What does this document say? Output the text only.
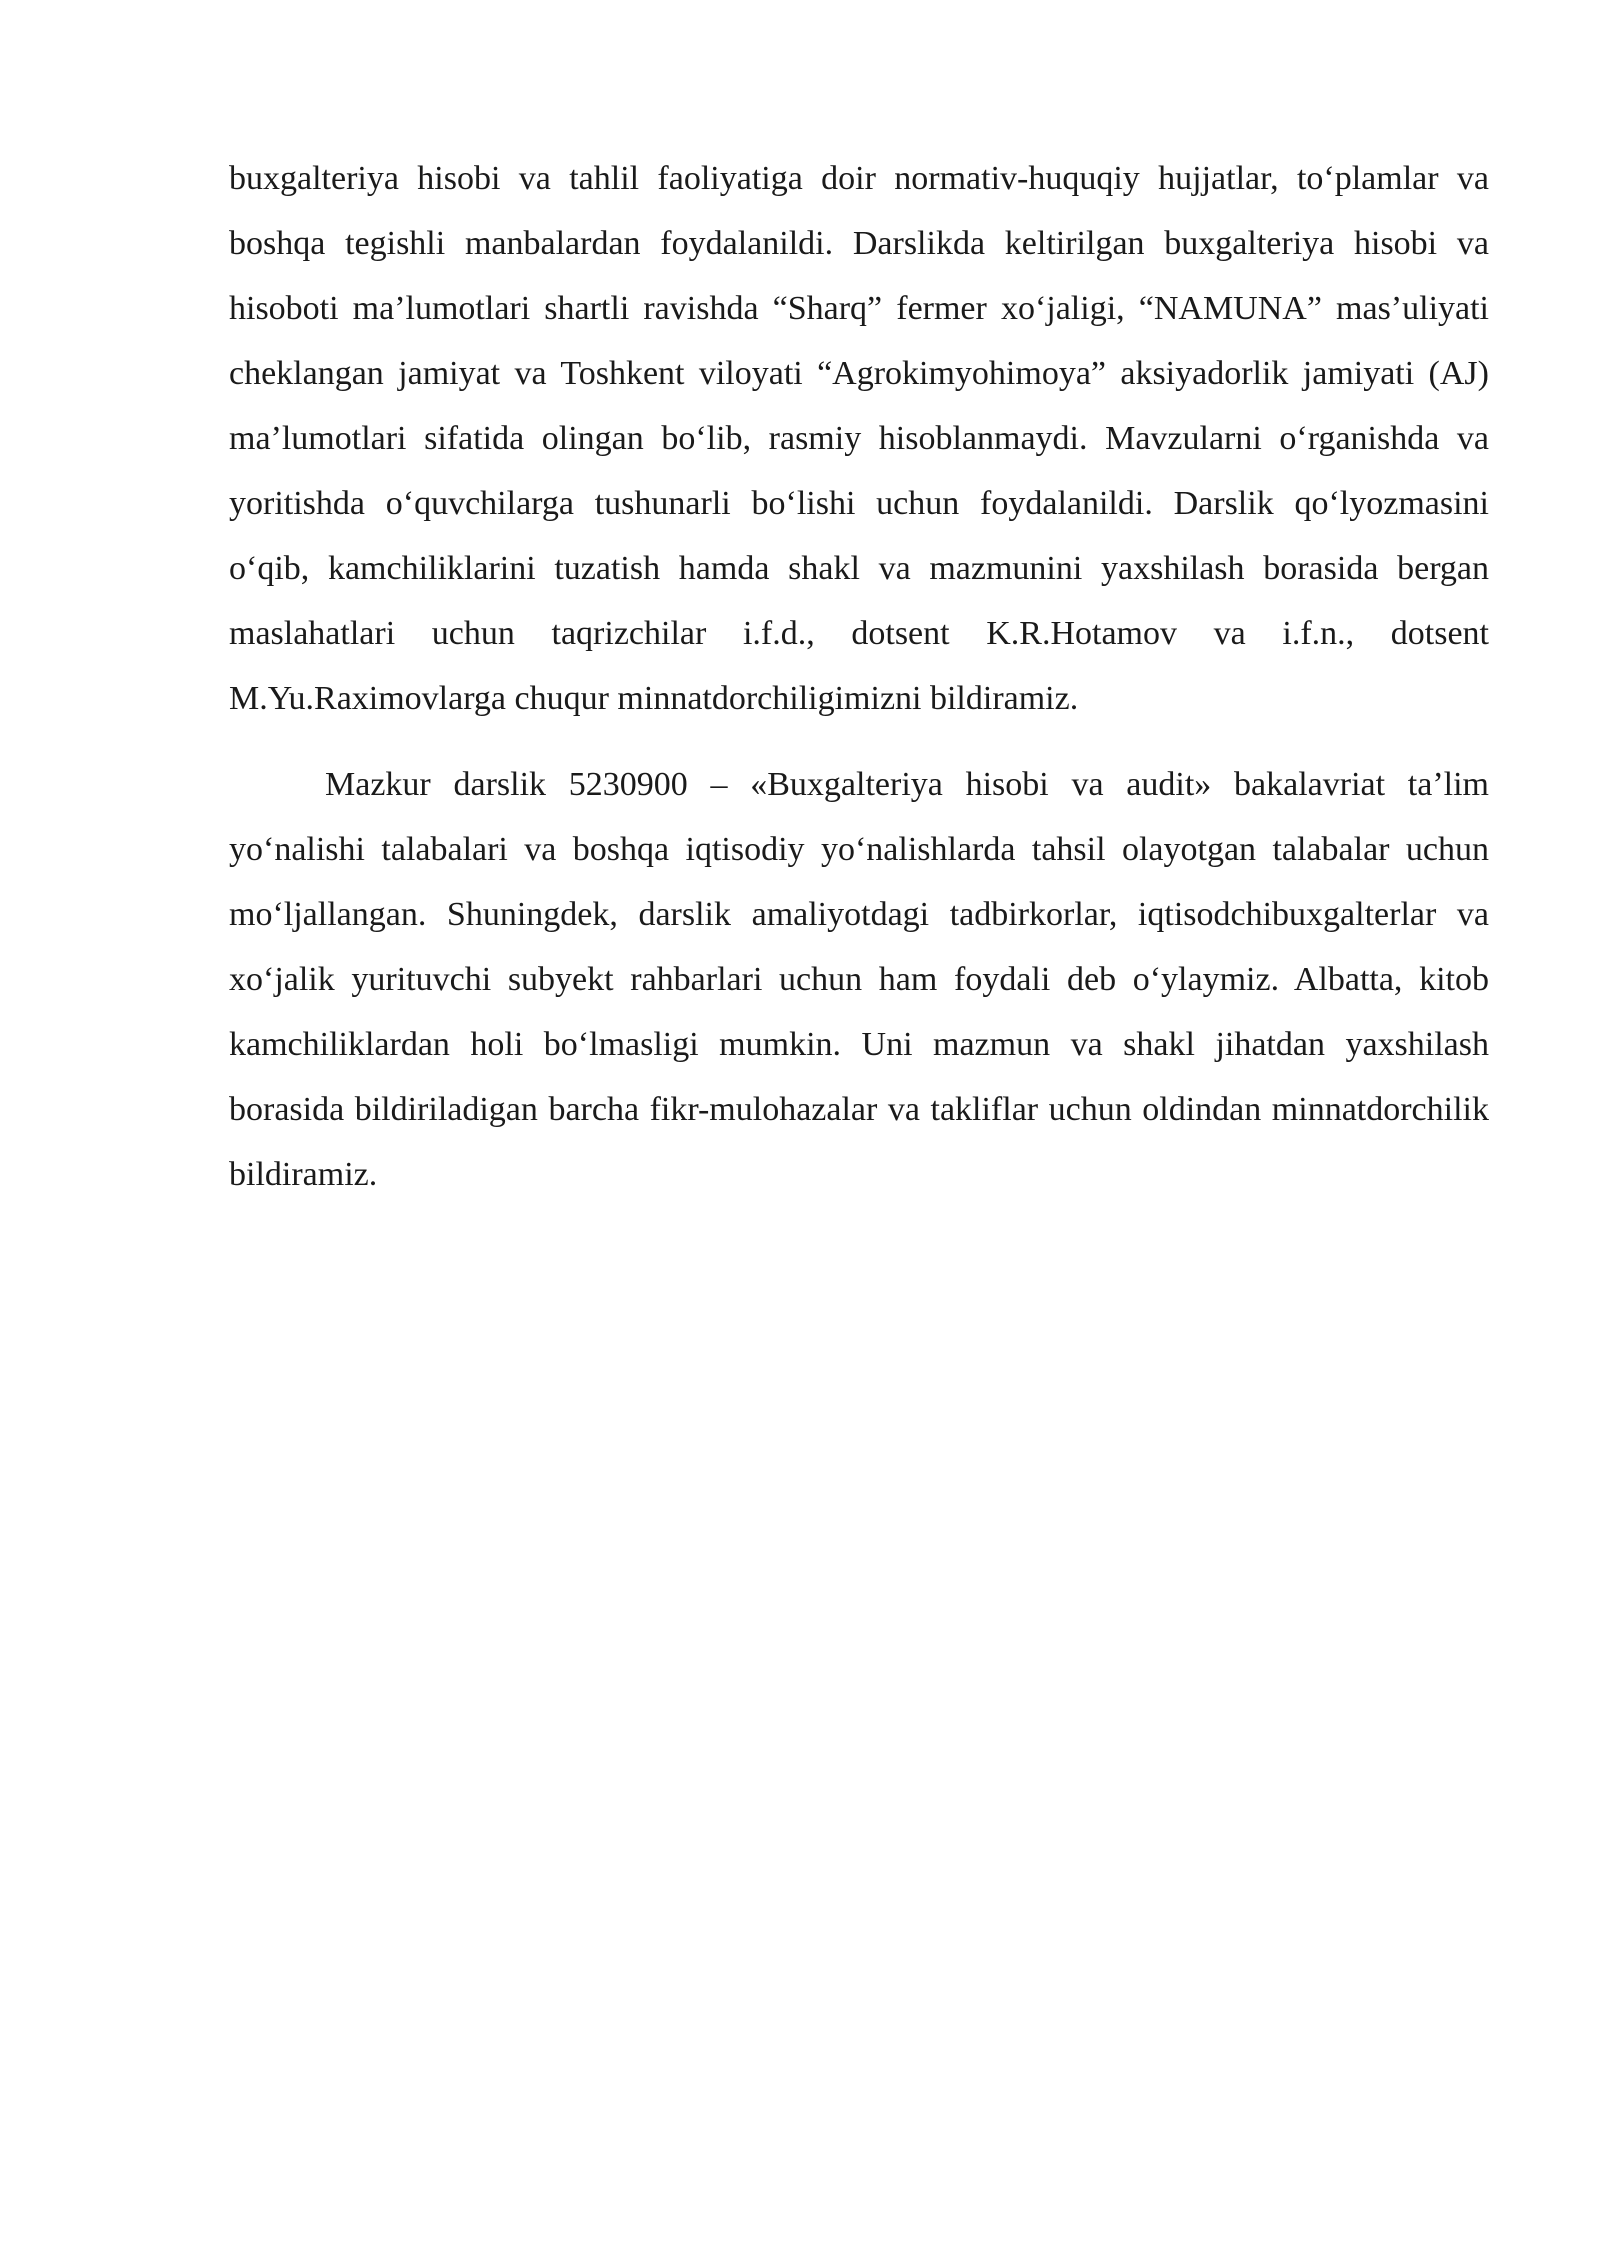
buxgalteriya hisobi va tahlil faoliyatiga doir normativ-huquqiy hujjatlar, to‘plamlar va boshqa tegishli manbalardan foydalanildi. Darslikda keltirilgan buxgalteriya hisobi va hisoboti ma’lumotlari shartli ravishda “Sharq” fermer xo‘jaligi, “NAMUNA” mas’uliyati cheklangan jamiyat va Toshkent viloyati “Agrokimyohimoya” aksiyadorlik jamiyati (AJ) ma’lumotlari sifatida olingan bo‘lib, rasmiy hisoblanmaydi. Mavzularni o‘rganishda va yoritishda o‘quvchilarga tushunarli bo‘lishi uchun foydalanildi. Darslik qo‘lyozmasini o‘qib, kamchiliklarini tuzatish hamda shakl va mazmunini yaxshilash borasida bergan maslahatlari uchun taqrizchilar i.f.d., dotsent K.R.Hotamov va i.f.n., dotsent M.Yu.Raximovlarga chuqur minnatdorchiligimizni bildiramiz.

Mazkur darslik 5230900 – «Buxgalteriya hisobi va audit» bakalavriat ta’lim yo‘nalishi talabalari va boshqa iqtisodiy yo‘nalishlarda tahsil olayotgan talabalar uchun mo‘ljallangan. Shuningdek, darslik amaliyotdagi tadbirkorlar, iqtisodchibuxgalterlar va xo‘jalik yurituvchi subyekt rahbarlari uchun ham foydali deb o‘ylaymiz. Albatta, kitob kamchiliklardan holi bo‘lmasligi mumkin. Uni mazmun va shakl jihatdan yaxshilash borasida bildiriladigan barcha fikr-mulohazalar va takliflar uchun oldindan minnatdorchilik bildiramiz.
